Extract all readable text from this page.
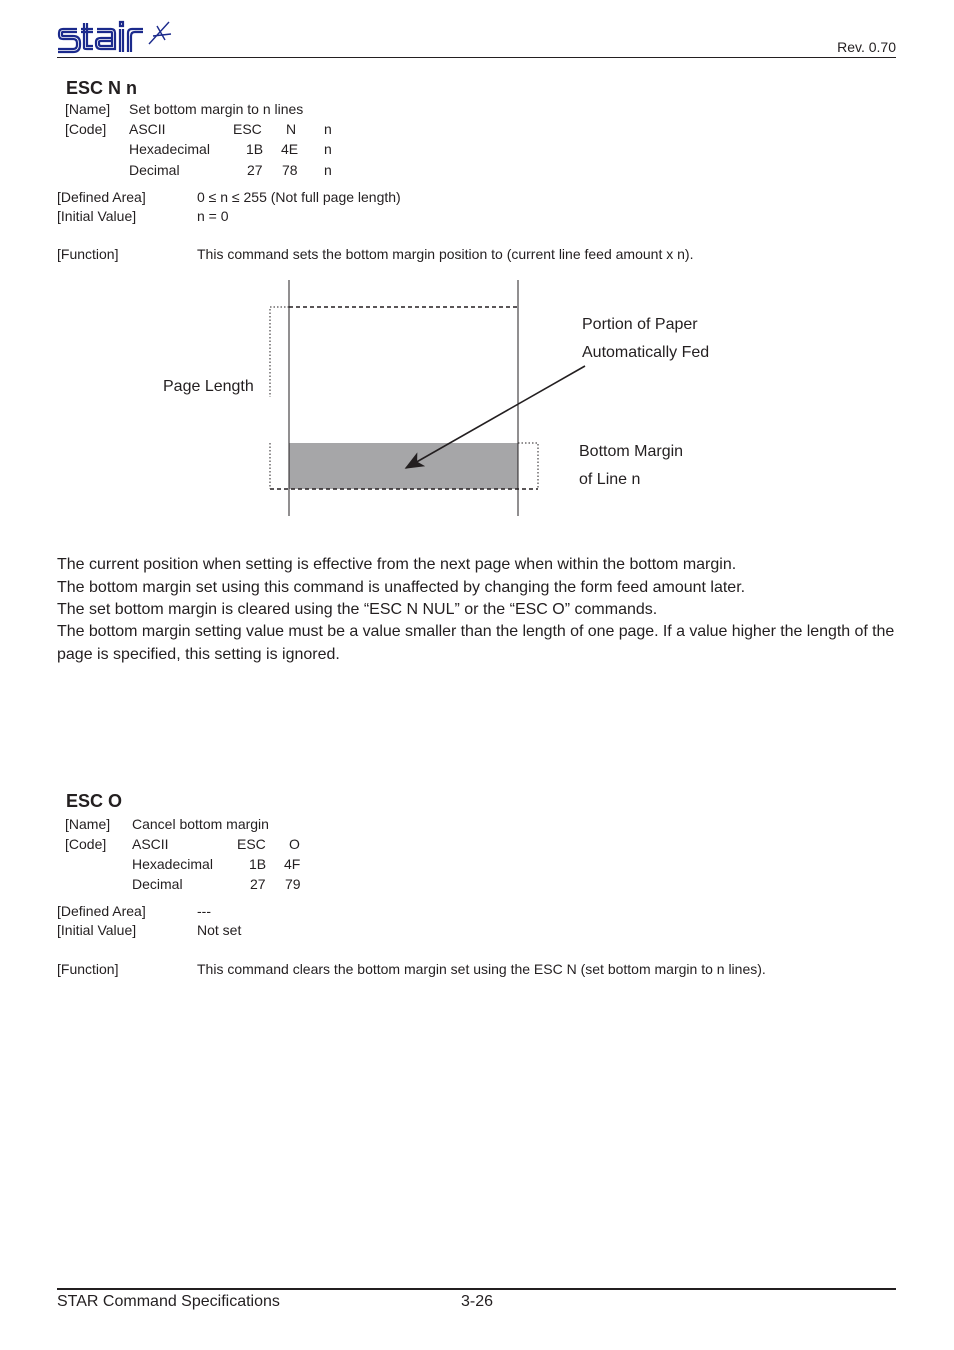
Rev. 0.70
ESC N n
[Name] Set bottom margin to n lines
[Code] ASCII	ESC N n
Hexadecimal	1B 4E n
Decimal	27 78 n
[Defined Area]	0 ≤ n ≤ 255 (Not full page length)
[Initial Value]	n = 0
[Function]	This command sets the bottom margin position to (current line feed amount x n).
Page Length
Portion of Paper
Automatically Fed
Bottom Margin
of Line n
The current position when setting is effective from the next page when within the bottom margin.
The bottom margin set using this command is unaffected by changing the form feed amount later.
The set bottom margin is cleared using the “ESC N NUL” or the “ESC O” commands.
The bottom margin setting value must be a value smaller than the length of one page. If a value higher the length of the
page is specified, this setting is ignored.
ESC O
[Name] Cancel bottom margin
[Code] ASCII	ESC O
Hexadecimal	1B 4F
Decimal	27 79
[Defined Area]	---
[Initial Value]	Not set
[Function]	This command clears the bottom margin set using the ESC N (set bottom margin to n lines).
STAR Command Specifications	3-26
